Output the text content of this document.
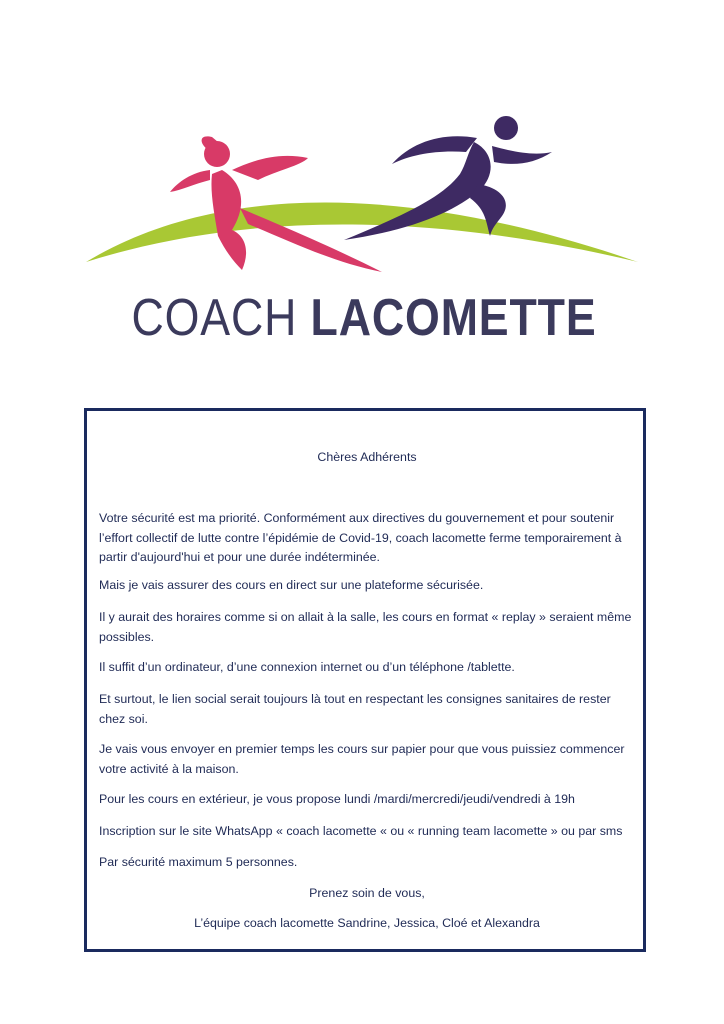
COACH LACOMETTE

Chères Adhérents

Votre sécurité est ma priorité. Conformément aux directives du gouvernement et pour soutenir l’effort collectif de lutte contre l’épidémie de Covid-19, coach lacomette ferme temporairement à partir d'aujourd'hui et pour une durée indéterminée.

Mais je vais assurer des cours en direct sur une plateforme sécurisée.

Il y aurait des horaires comme si on allait à la salle, les cours en format « replay » seraient même possibles.

Il suffit d’un ordinateur, d’une connexion internet ou d’un téléphone /tablette.

Et surtout, le lien social serait toujours là tout en respectant les consignes sanitaires de rester chez soi.

Je vais vous envoyer en premier temps les cours sur papier pour que vous puissiez commencer votre activité à la maison.

Pour les cours en extérieur, je vous propose lundi /mardi/mercredi/jeudi/vendredi à 19h

Inscription sur le site WhatsApp « coach lacomette « ou « running team lacomette » ou par sms

Par sécurité maximum 5 personnes.

Prenez soin de vous,

L’équipe coach lacomette Sandrine, Jessica, Cloé et Alexandra
